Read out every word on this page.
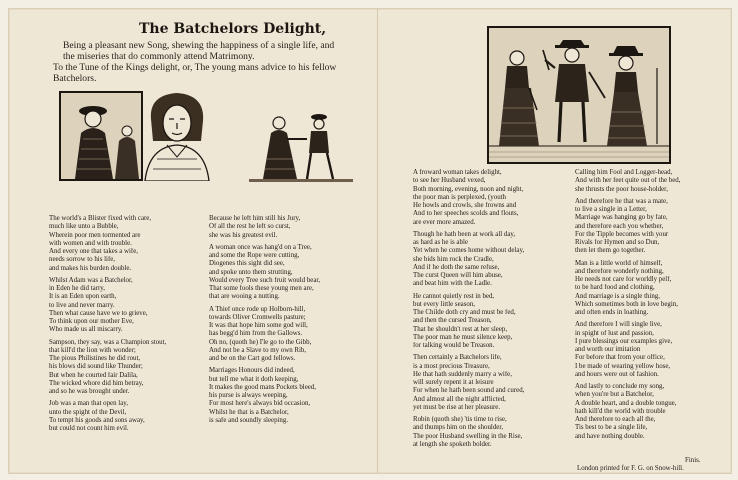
The Batchelors Delight,
Being a pleasant new Song, shewing the happiness of a single life, and
the miseries that do commonly attend Matrimony.
To the Tune of the Kings delight, or, The young mans advice to his fellow
Batchelors.
The world's a Blister fixed with care,
much like unto a Bubble,
Wherein poor men tormented are
with women and with trouble.
And every one that takes a wife,
needs sorrow to his life,
and makes his burden double.
Whilst Adam was a Batchelor,
in Eden he did tarry,
It is an Eden upon earth,
to live and never marry.
Then what cause have we to grieve,
To think upon our mother Eve,
Who made us all miscarry.
Sampson, they say, was a Champion stout,
that kill'd the lion with wonder;
The pious Philistines he did rout,
his blows did sound like Thunder;
But when he courted fair Dalila,
The wicked whore did him betray,
and so he was brought under.
Job was a man that open lay,
unto the spight of the Devil,
To tempt his goods and sons away,
but could not count him evil.
Because he left him still his Jury,
Of all the rest he left so curst,
she was his greatest evil.
A woman once was hang'd on a Tree,
and some the Rope were cutting,
Diogenes this sight did see,
and spoke unto them strutting,
Would every Tree such fruit would bear,
That some fools these young men are,
that are wooing a nutting.
A Thief once rode up Holborn-hill,
towards Oliver Cromwells pasture;
It was that hope him some god will,
has begg'd him from the Gallows.
Oh no, (quoth he) I'le go to the Gibb,
And not be a Slave to my own Rib,
and be on the Cart god fellows.
Marriages Honours did indeed,
but tell me what it doth keeping,
It makes the good mans Pockets bleed,
his purse is always weeping,
For most here's always bid occasion,
Whilst he that is a Batchelor,
is safe and soundly sleeping.
A froward woman takes delight,
to see her Husband vexed,
Both morning, evening, noon and night,
the poor man is perplexed, (youth
He howls and crowls, she frowns and
And to her speeches scolds and flouts,
are ever more amazed.
Though he hath been at work all day,
as hard as he is able
Yet when he comes home without delay,
she bids him rock the Cradle,
And if he doth the same refuse,
The curst Queen will him abuse,
and beat him with the Ladle.
He cannot quietly rest in bed,
but every little season,
The Childe doth cry and must be fed,
and then the cursed Treason,
That he shouldn't rest at her sleep,
The poor man he must silence keep,
for talking would be Treason.
Then certainly a Batchelors life,
is a most precious Treasure,
He that hath suddenly marry a wife,
will surely repent it at leisure
For when he hath been sound and cured,
And almost all the night afflicted,
yet must be rise at her pleasure.
Robin (quoth she) 'tis time to rise,
and thumps him on the shoulder,
The poor Husband swelling in the Rise,
at length she spoketh bolder.
Calling him Fool and Logger-head,
And with her feet quite out of the bed,
she thrusts the poor house-holder,
And therefore he that was a mate,
to live a single in a Letter,
Marriage was hanging go by fate,
and therefore each you whether,
For the Tipple becomes with your
Rivals for Hymen and so Dun,
then let them go together.
Man is a little world of himself,
and therefore wonderly nothing,
He needs not care for worldly pelf,
to be hard food and clothing,
And marriage is a single thing,
Which sometimes both in love begin,
and often ends in loathing.
And therefore I will single live,
in spight of lust and passion,
I pure blessings our examples give,
and worth our imitation
For before that from your office,
I be made of wearing yellow hose,
and hours were out of fashion.
And lastly to conclude my song,
when you're but a Batchelor,
A double heart, and a double tongue,
hath kill'd the world with trouble
And therefore to each all the,
Tis best to be a single life,
and have nothing double.
Finis.
London printed for F. G. on Snow-hill.
